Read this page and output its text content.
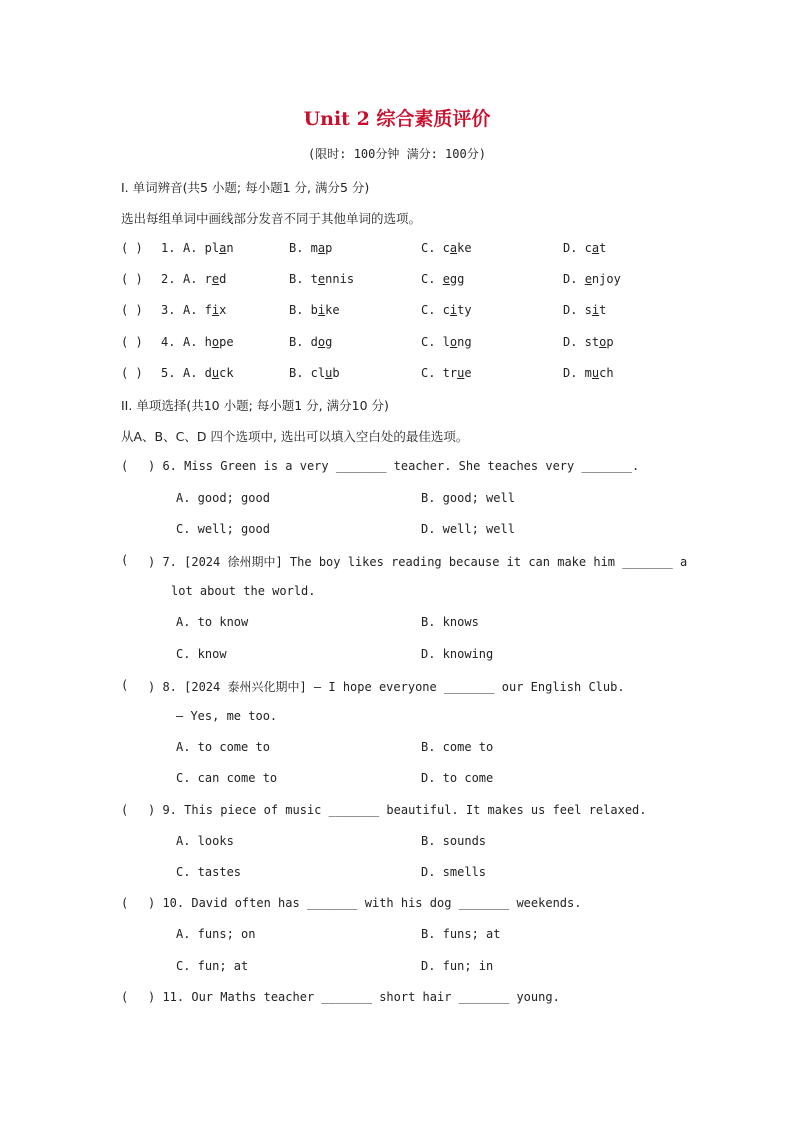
Unit 2 综合素质评价
(限时: 100分钟 满分: 100分)
I. 单词辨音(共5 小题; 每小题1 分, 满分5 分)
选出每组单词中画线部分发音不同于其他单词的选项。
( ) 1. A. plan	B. map	C. cake	D. cat
( ) 2. A. red	B. tennis	C. egg	D. enjoy
( ) 3. A. fix	B. bike	C. city	D. sit
( ) 4. A. hope	B. dog	C. long	D. stop
( ) 5. A. duck	B. club	C. true	D. much
II. 单项选择(共10 小题; 每小题1 分, 满分10 分)
从A、B、C、D 四个选项中, 选出可以填入空白处的最佳选项。
( ) 6. Miss Green is a very _______ teacher. She teaches very _______.
A. good; good	B. good; well
C. well; good	D. well; well
( ) 7. [2024 徐州期中] The boy likes reading because it can make him _______ a
lot about the world.
A. to know	B. knows
C. know	D. knowing
( ) 8. [2024 泰州兴化期中] — I hope everyone _______ our English Club.
— Yes, me too.
A. to come to	B. come to
C. can come to	D. to come
( ) 9. This piece of music _______ beautiful. It makes us feel relaxed.
A. looks	B. sounds
C. tastes	D. smells
( ) 10. David often has _______ with his dog _______ weekends.
A. funs; on	B. funs; at
C. fun; at	D. fun; in
( ) 11. Our Maths teacher _______ short hair _______ young.
